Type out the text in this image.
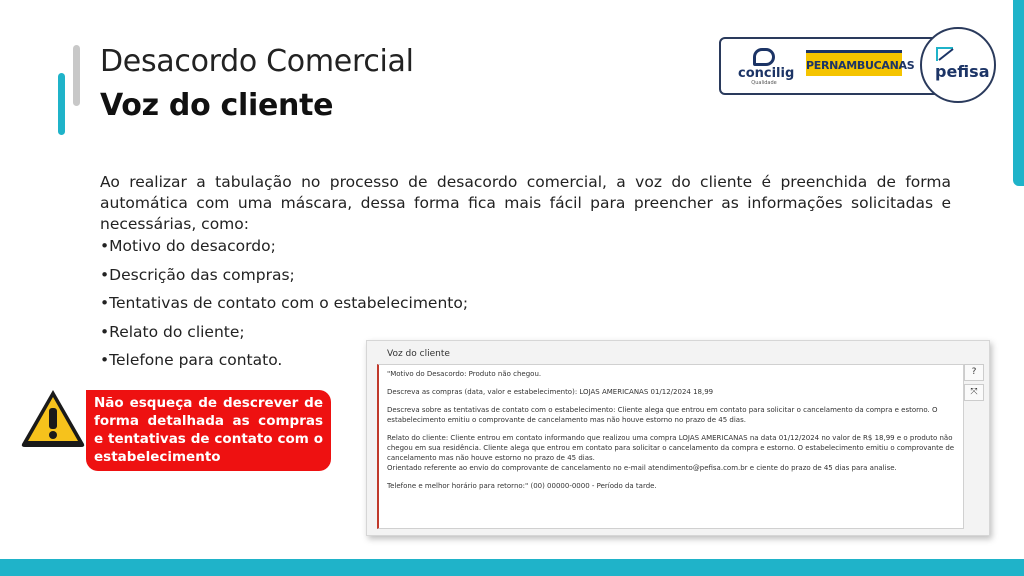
Desacordo Comercial
Voz do cliente
concilig
Qualidade
PERNAMBUCANAS pefisa

Ao realizar a tabulação no processo de desacordo comercial, a voz do cliente é preenchida de forma automática com uma máscara, dessa forma fica mais fácil para preencher as informações solicitadas e necessárias, como:

•Motivo do desacordo;
•Descrição das compras;
•Tentativas de contato com o estabelecimento;
•Relato do cliente;
•Telefone para contato.
Não esqueça de descrever de forma detalhada as compras e tentativas de contato com o estabelecimento
Voz do cliente

"Motivo do Desacordo: Produto não chegou.

Descreva as compras (data, valor e estabelecimento): LOJAS AMERICANAS 01/12/2024 18,99

Descreva sobre as tentativas de contato com o estabelecimento: Cliente alega que entrou em contato para solicitar o cancelamento da compra e estorno. O estabelecimento emitiu o comprovante de cancelamento mas não houve estorno no prazo de 45 dias.

Relato do cliente: Cliente entrou em contato informando que realizou uma compra LOJAS AMERICANAS na data 01/12/2024 no valor de R$ 18,99 e o produto não chegou em sua residência. Cliente alega que entrou em contato para solicitar o cancelamento da compra e estorno. O estabelecimento emitiu o comprovante de cancelamento mas não houve estorno no prazo de 45 dias.

Orientado referente ao envio do comprovante de cancelamento no e-mail atendimento@pefisa.com.br e ciente do prazo de 45 dias para analise.

Telefone e melhor horário para retorno:" (00) 00000-0000 - Período da tarde.

?
⤧
